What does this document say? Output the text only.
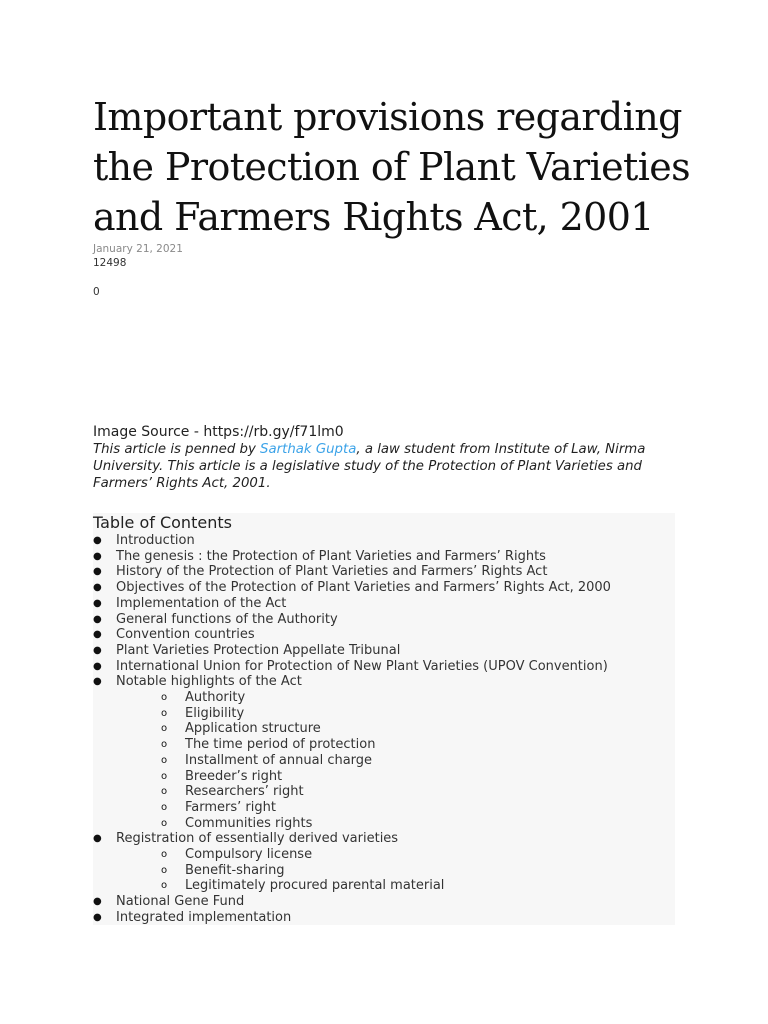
Important provisions regarding the Protection of Plant Varieties and Farmers Rights Act, 2001
January 21, 2021
12498
0
Image Source - https://rb.gy/f71lm0

This article is penned by Sarthak Gupta, a law student from Institute of Law, Nirma University. This article is a legislative study of the Protection of Plant Varieties and Farmers’ Rights Act, 2001.

Table of Contents
● Introduction
● The genesis : the Protection of Plant Varieties and Farmers’ Rights
● History of the Protection of Plant Varieties and Farmers’ Rights Act
● Objectives of the Protection of Plant Varieties and Farmers’ Rights Act, 2000
● Implementation of the Act
● General functions of the Authority
● Convention countries
● Plant Varieties Protection Appellate Tribunal
● International Union for Protection of New Plant Varieties (UPOV Convention)
● Notable highlights of the Act
o Authority
o Eligibility
o Application structure
o The time period of protection
o Installment of annual charge
o Breeder’s right
o Researchers’ right
o Farmers’ right
o Communities rights
● Registration of essentially derived varieties
o Compulsory license
o Benefit-sharing
o Legitimately procured parental material
● National Gene Fund
● Integrated implementation
